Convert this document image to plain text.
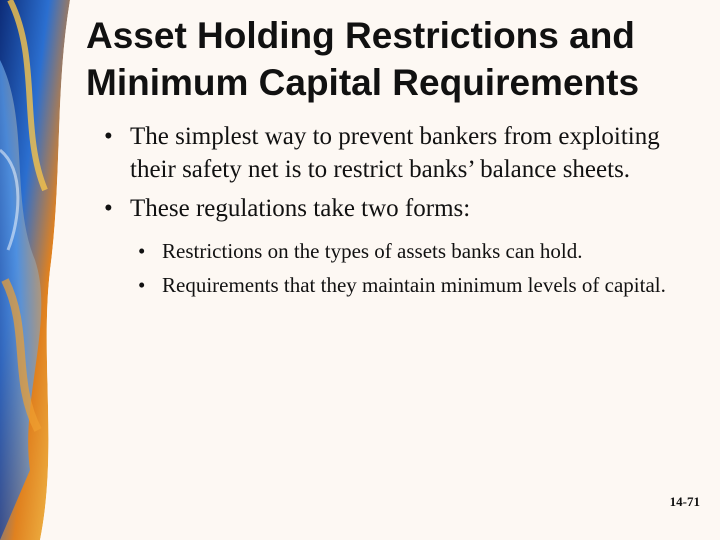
Asset Holding Restrictions and Minimum Capital Requirements
• The simplest way to prevent bankers from exploiting their safety net is to restrict banks’ balance sheets.
• These regulations take two forms:
• Restrictions on the types of assets banks can hold.
• Requirements that they maintain minimum levels of capital.
14-71
